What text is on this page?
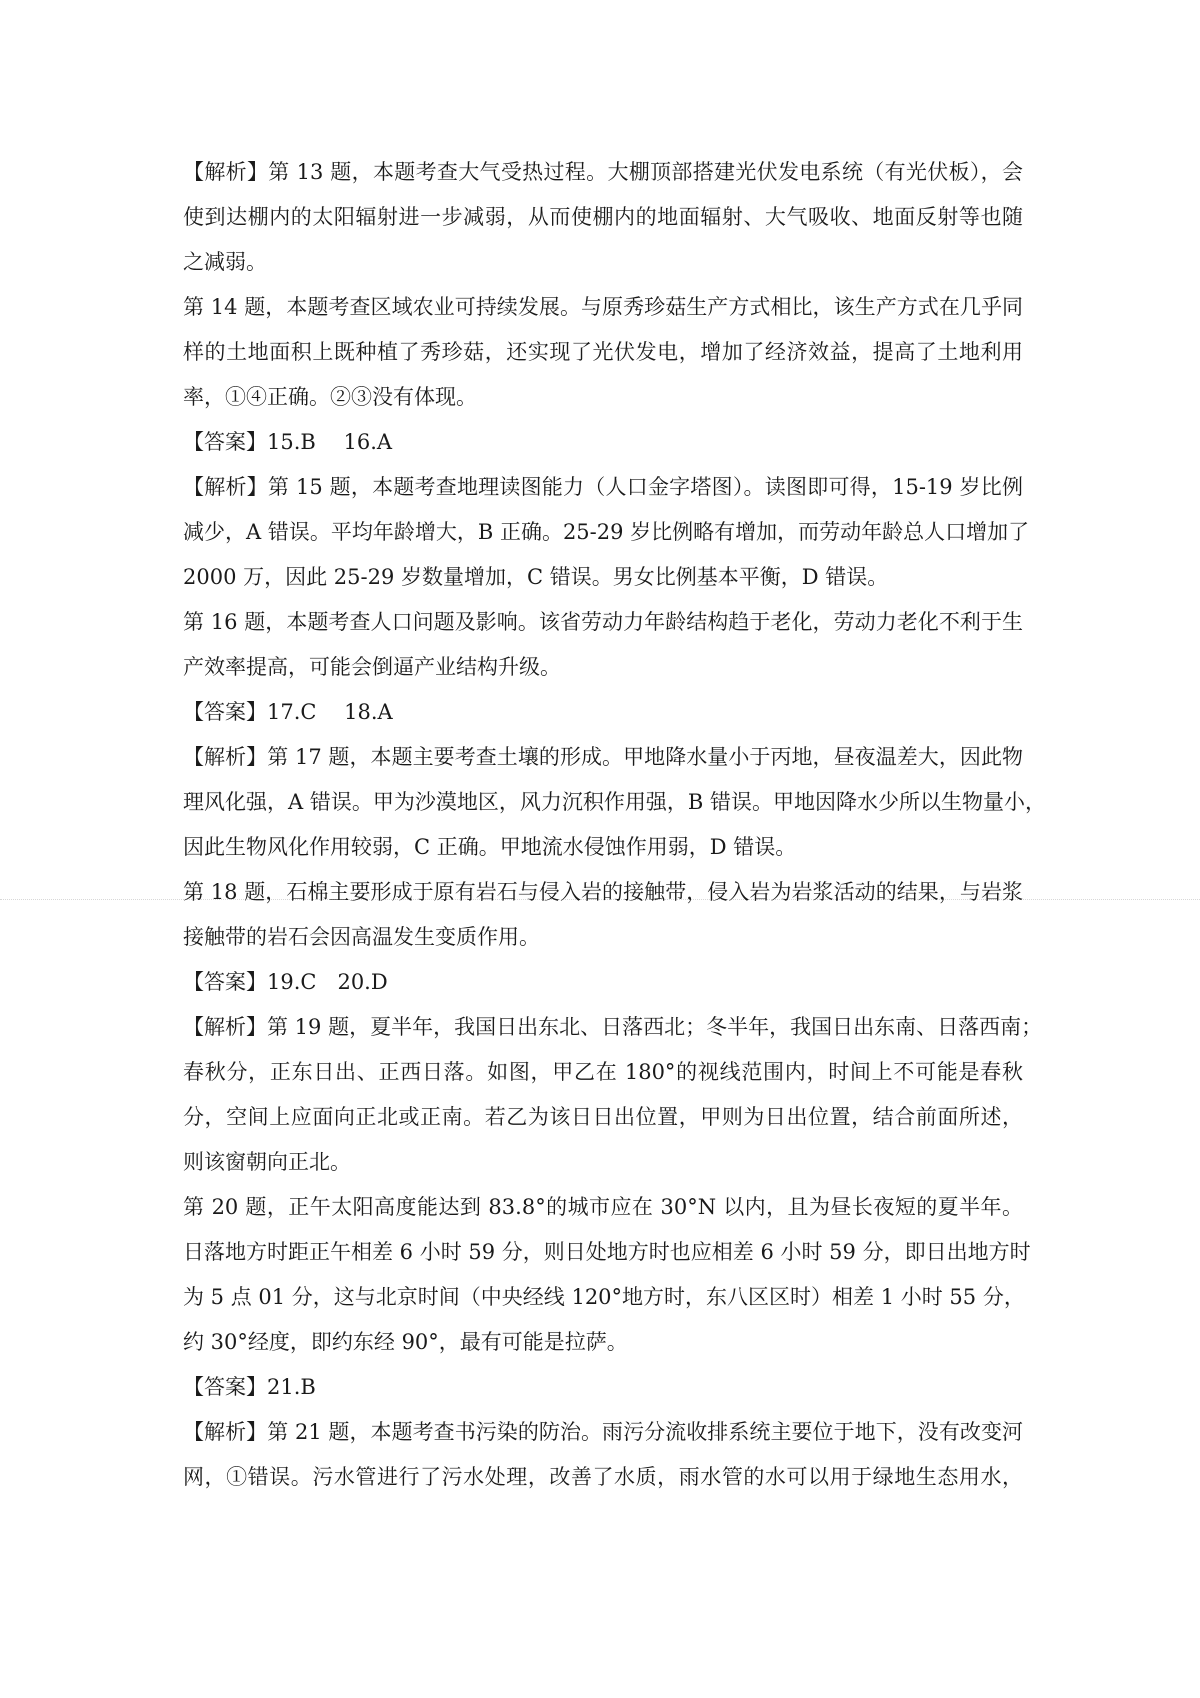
【解析】第 13 题，本题考查大气受热过程。大棚顶部搭建光伏发电系统（有光伏板），会
使到达棚内的太阳辐射进一步减弱，从而使棚内的地面辐射、大气吸收、地面反射等也随
之减弱。
第 14 题，本题考查区域农业可持续发展。与原秀珍菇生产方式相比，该生产方式在几乎同
样的土地面积上既种植了秀珍菇，还实现了光伏发电，增加了经济效益，提高了土地利用
率，①④正确。②③没有体现。
【答案】15.B　 16.A
【解析】第 15 题，本题考查地理读图能力（人口金字塔图）。读图即可得，15-19 岁比例
减少，A 错误。平均年龄增大，B 正确。25-29 岁比例略有增加，而劳动年龄总人口增加了
2000 万，因此 25-29 岁数量增加，C 错误。男女比例基本平衡，D 错误。
第 16 题，本题考查人口问题及影响。该省劳动力年龄结构趋于老化，劳动力老化不利于生
产效率提高，可能会倒逼产业结构升级。
【答案】17.C　 18.A
【解析】第 17 题，本题主要考查土壤的形成。甲地降水量小于丙地，昼夜温差大，因此物
理风化强，A 错误。甲为沙漠地区，风力沉积作用强，B 错误。甲地因降水少所以生物量小，
因此生物风化作用较弱，C 正确。甲地流水侵蚀作用弱，D 错误。
第 18 题，石棉主要形成于原有岩石与侵入岩的接触带，侵入岩为岩浆活动的结果，与岩浆
接触带的岩石会因高温发生变质作用。
【答案】19.C　20.D
【解析】第 19 题，夏半年，我国日出东北、日落西北；冬半年，我国日出东南、日落西南；
春秋分，正东日出、正西日落。如图，甲乙在 180°的视线范围内，时间上不可能是春秋
分，空间上应面向正北或正南。若乙为该日日出位置，甲则为日出位置，结合前面所述，
则该窗朝向正北。
第 20 题，正午太阳高度能达到 83.8°的城市应在 30°N 以内，且为昼长夜短的夏半年。
日落地方时距正午相差 6 小时 59 分，则日处地方时也应相差 6 小时 59 分，即日出地方时
为 5 点 01 分，这与北京时间（中央经线 120°地方时，东八区区时）相差 1 小时 55 分，
约 30°经度，即约东经 90°，最有可能是拉萨。
【答案】21.B
【解析】第 21 题，本题考查书污染的防治。雨污分流收排系统主要位于地下，没有改变河
网，①错误。污水管进行了污水处理，改善了水质，雨水管的水可以用于绿地生态用水，
